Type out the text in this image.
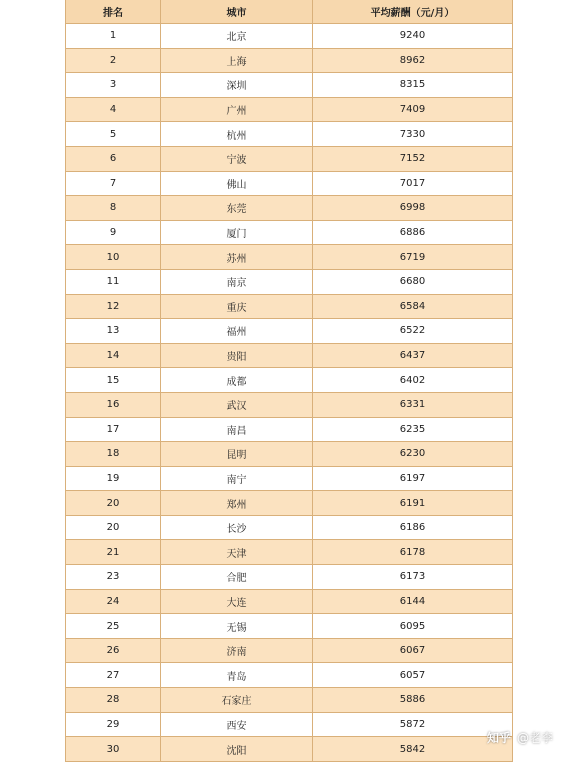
排名	城市	平均薪酬（元/月）
1	北京	9240
2	上海	8962
3	深圳	8315
4	广州	7409
5	杭州	7330
6	宁波	7152
7	佛山	7017
8	东莞	6998
9	厦门	6886
10	苏州	6719
11	南京	6680
12	重庆	6584
13	福州	6522
14	贵阳	6437
15	成都	6402
16	武汉	6331
17	南昌	6235
18	昆明	6230
19	南宁	6197
20	郑州	6191
20	长沙	6186
21	天津	6178
23	合肥	6173
24	大连	6144
25	无锡	6095
26	济南	6067
27	青岛	6057
28	石家庄	5886
29	西安	5872
30	沈阳	5842
知乎 @老李
